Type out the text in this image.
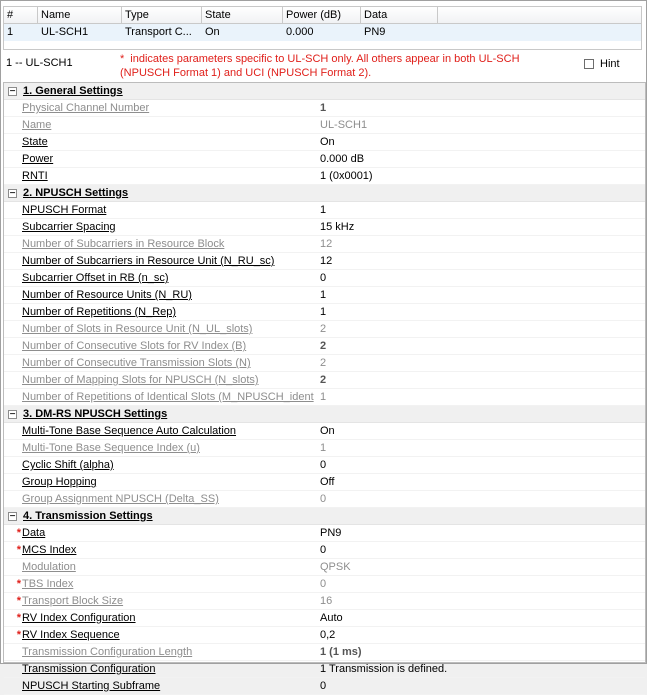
#	Name	Type	State	Power (dB)	Data
1	UL-SCH1	Transport C...	On	0.000	PN9
1 -- UL-SCH1	* indicates parameters specific to UL-SCH only. All others appear in both UL-SCH (NPUSCH Format 1) and UCI (NPUSCH Format 2).
Hint
− 1. General Settings
Physical Channel Number	1
Name	UL-SCH1
State	On
Power	0.000 dB
RNTI	1 (0x0001)
− 2. NPUSCH Settings
NPUSCH Format	1
Subcarrier Spacing	15 kHz
Number of Subcarriers in Resource Block	12
Number of Subcarriers in Resource Unit (N_RU_sc)	12
Subcarrier Offset in RB (n_sc)	0
Number of Resource Units (N_RU)	1
Number of Repetitions (N_Rep)	1
Number of Slots in Resource Unit (N_UL_slots)	2
Number of Consecutive Slots for RV Index (B)	2
Number of Consecutive Transmission Slots (N)	2
Number of Mapping Slots for NPUSCH (N_slots)	2
Number of Repetitions of Identical Slots (M_NPUSCH_ident 1
− 3. DM-RS NPUSCH Settings
Multi-Tone Base Sequence Auto Calculation	On
Multi-Tone Base Sequence Index (u)	1
Cyclic Shift (alpha)	0
Group Hopping	Off
Group Assignment NPUSCH (Delta_SS)	0
− 4. Transmission Settings
* Data	PN9
* MCS Index	0
Modulation	QPSK
* TBS Index	0
* Transport Block Size	16
* RV Index Configuration	Auto
* RV Index Sequence	0,2
Transmission Configuration Length	1 (1 ms)
Transmission Configuration	1 Transmission is defined.
NPUSCH Starting Subframe	0
